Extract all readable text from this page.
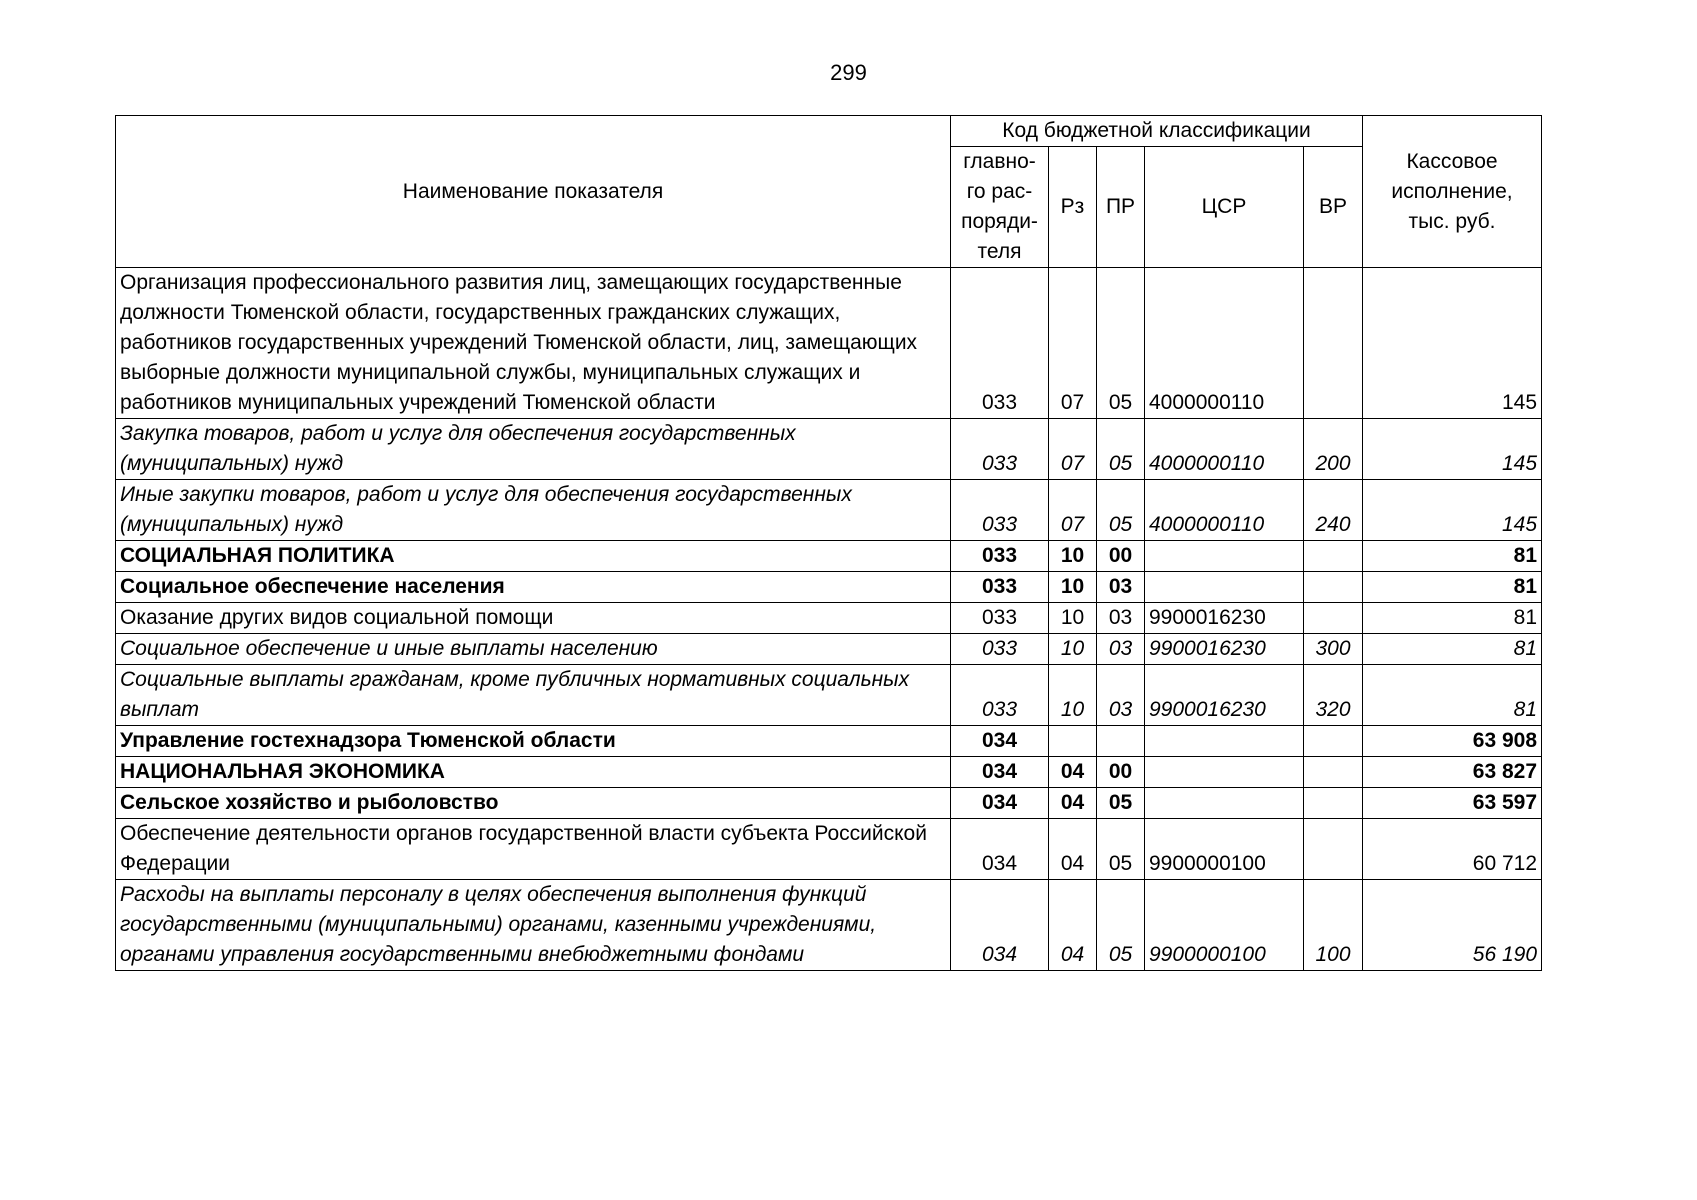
299
Наименование показателя	Код бюджетной классификации					Кассовое исполнение, тыс. руб.
	главно-го рас-поряди-теля	Рз	ПР	ЦСР	ВР	
Организация профессионального развития лиц, замещающих государственные должности Тюменской области, государственных гражданских служащих, работников государственных учреждений Тюменской области, лиц, замещающих выборные должности муниципальной службы, муниципальных служащих и работников муниципальных учреждений Тюменской области	033	07	05	4000000110		145
Закупка товаров, работ и услуг для обеспечения государственных (муниципальных) нужд	033	07	05	4000000110	200	145
Иные закупки товаров, работ и услуг для обеспечения государственных (муниципальных) нужд	033	07	05	4000000110	240	145
СОЦИАЛЬНАЯ ПОЛИТИКА	033	10	00			81
Социальное обеспечение населения	033	10	03			81
Оказание других видов социальной помощи	033	10	03	9900016230		81
Социальное обеспечение и иные выплаты населению	033	10	03	9900016230	300	81
Социальные выплаты гражданам, кроме публичных нормативных социальных выплат	033	10	03	9900016230	320	81
Управление гостехнадзора Тюменской области	034					63 908
НАЦИОНАЛЬНАЯ ЭКОНОМИКА	034	04	00			63 827
Сельское хозяйство и рыболовство	034	04	05			63 597
Обеспечение деятельности органов государственной власти субъекта Российской Федерации	034	04	05	9900000100		60 712
Расходы на выплаты персоналу в целях обеспечения выполнения функций государственными (муниципальными) органами, казенными учреждениями, органами управления государственными внебюджетными фондами	034	04	05	9900000100	100	56 190
